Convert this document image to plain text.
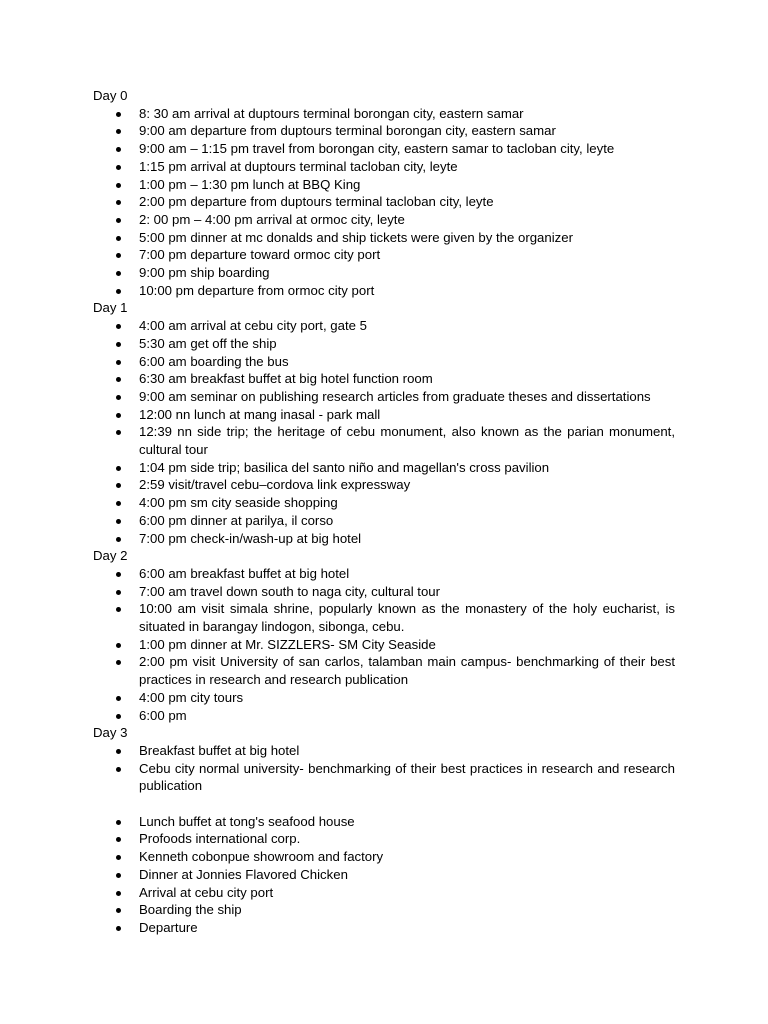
Day 0
8: 30 am arrival at duptours terminal borongan city, eastern samar
9:00 am departure from duptours terminal borongan city, eastern samar
9:00 am – 1:15 pm travel from borongan city, eastern samar to tacloban city, leyte
1:15 pm arrival at duptours terminal tacloban city, leyte
1:00 pm – 1:30 pm lunch at BBQ King
2:00 pm departure from duptours terminal tacloban city, leyte
2: 00 pm – 4:00 pm arrival at ormoc city, leyte
5:00 pm dinner at mc donalds and ship tickets were given by the organizer
7:00 pm departure toward ormoc city port
9:00 pm ship boarding
10:00 pm departure from ormoc city port
Day 1
4:00 am arrival at cebu city port, gate 5
5:30 am get off the ship
6:00 am boarding the bus
6:30 am breakfast buffet at big hotel function room
9:00 am seminar on publishing research articles from graduate theses and dissertations
12:00 nn lunch at mang inasal - park mall
12:39 nn side trip; the heritage of cebu monument, also known as the parian monument, cultural tour
1:04 pm side trip; basilica del santo niño and magellan's cross pavilion
2:59 visit/travel cebu–cordova link expressway
4:00 pm sm city seaside shopping
6:00 pm dinner at parilya, il corso
7:00 pm check-in/wash-up at big hotel
Day 2
6:00 am breakfast buffet at big hotel
7:00 am travel down south to naga city, cultural tour
10:00 am visit simala shrine, popularly known as the monastery of the holy eucharist, is situated in barangay lindogon, sibonga, cebu.
1:00 pm dinner at Mr. SIZZLERS- SM City Seaside
2:00 pm visit University of san carlos, talamban main campus- benchmarking of their best practices in research and research publication
4:00 pm city tours
6:00 pm
Day 3
Breakfast buffet at big hotel
Cebu city normal university- benchmarking of their best practices in research and research publication
Lunch buffet at tong's seafood house
Profoods international corp.
Kenneth cobonpue showroom and factory
Dinner at Jonnies Flavored Chicken
Arrival at cebu city port
Boarding the ship
Departure
